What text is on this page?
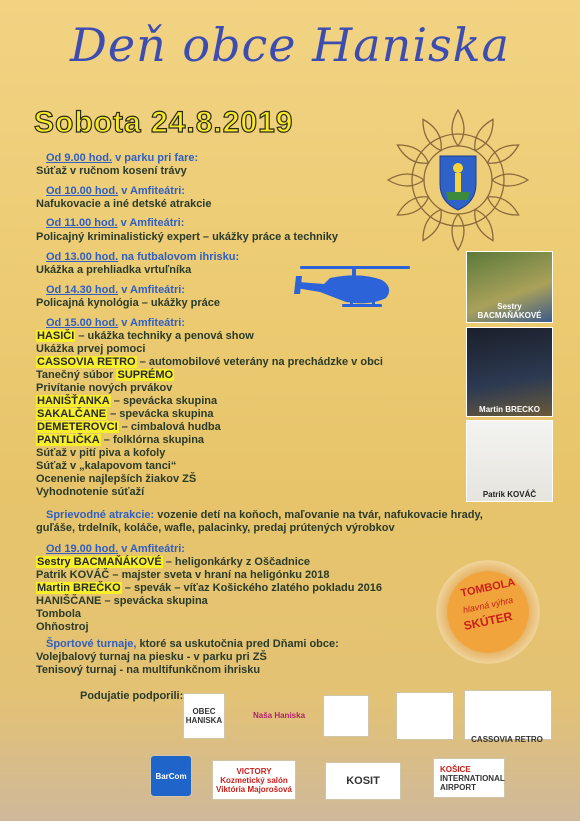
Deň obce Haniska
Sobota 24.8.2019
Od 9.00 hod. v parku pri fare:
Súťaž v ručnom kosení trávy
Od 10.00 hod. v Amfiteátri:
Nafukovacie a iné detské atrakcie
Od 11.00 hod. v Amfiteátri:
Policajný kriminalistický expert – ukážky práce a techniky
Od 13.00 hod. na futbalovom ihrisku:
Ukážka a prehliadka vrtuľníka
Od 14.30 hod. v Amfiteátri:
Policajná kynológia – ukážky práce
Od 15.00 hod. v Amfiteátri:
HASIČI – ukážka techniky a penová show
Ukážka prvej pomoci
CASSOVIA RETRO – automobilové veterány na prechádzke v obci
Tanečný súbor SUPRÉMO
Privítanie nových prvákov
HANIŠŤANKA – spevácka skupina
SAKALČANE – spevácka skupina
DEMETEROVCI – cimbalová hudba
PANTLIČKA – folklórna skupina
Súťaž v pití piva a kofoly
Súťaž v „kalapovom tanci“
Ocenenie najlepších žiakov ZŠ
Vyhodnotenie súťaží
Sprievodné atrakcie: vozenie detí na koňoch, maľovanie na tvár, nafukovacie hrady,
guľáše, trdelník, koláče, wafle, palacinky, predaj prútených výrobkov
Od 19.00 hod. v Amfiteátri:
Sestry BACMAŇÁKOVÉ – heligonkárky z Oščadnice
Patrik KOVÁČ – majster sveta v hraní na heligónku 2018
Martin BREČKO – spevák – víťaz Košického zlatého pokladu 2016
HANIŠČANE – spevácka skupina
Tombola
Ohňostroj
Športové turnaje, ktoré sa uskutočnia pred Dňami obce:
Volejbalový turnaj na piesku - v parku pri ZŠ
Tenisový turnaj - na multifunkčnom ihrisku
Sestry BACMAŇÁKOVÉ
Martin BRECKO
Patrik KOVÁČ
TOMBOLA
hlavná výhra
SKÚTER
Podujatie podporili:
OBEC HANISKA
Naša Haniska
CASSOVIA RETRO
BarCom
VICTORY
Kozmetický salón
Viktória Majorošová
KOSIT
KOŠICE
INTERNATIONAL
AIRPORT
